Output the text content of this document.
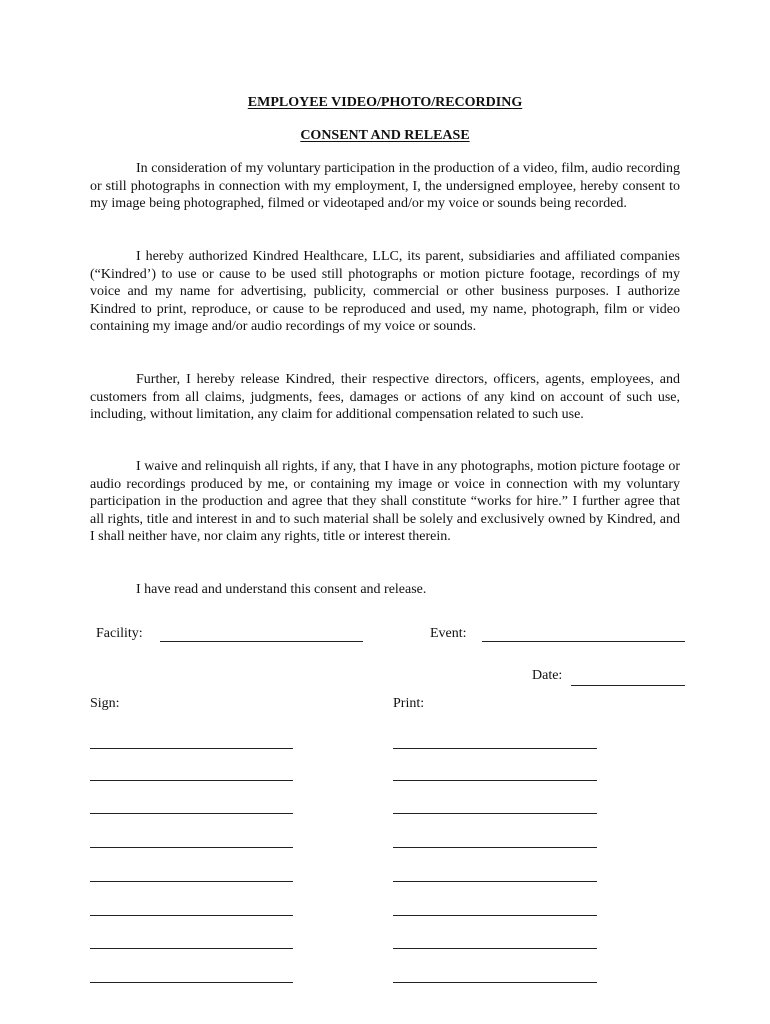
EMPLOYEE VIDEO/PHOTO/RECORDING
CONSENT AND RELEASE

In consideration of my voluntary participation in the production of a video, film, audio recording or still photographs in connection with my employment, I, the undersigned employee, hereby consent to my image being photographed, filmed or videotaped and/or my voice or sounds being recorded.

I hereby authorized Kindred Healthcare, LLC, its parent, subsidiaries and affiliated companies (“Kindred’) to use or cause to be used still photographs or motion picture footage, recordings of my voice and my name for advertising, publicity, commercial or other business purposes. I authorize Kindred to print, reproduce, or cause to be reproduced and used, my name, photograph, film or video containing my image and/or audio recordings of my voice or sounds.

Further, I hereby release Kindred, their respective directors, officers, agents, employees, and customers from all claims, judgments, fees, damages or actions of any kind on account of such use, including, without limitation, any claim for additional compensation related to such use.

I waive and relinquish all rights, if any, that I have in any photographs, motion picture footage or audio recordings produced by me, or containing my image or voice in connection with my voluntary participation in the production and agree that they shall constitute “works for hire.” I further agree that all rights, title and interest in and to such material shall be solely and exclusively owned by Kindred, and I shall neither have, nor claim any rights, title or interest therein.

I have read and understand this consent and release.

Facility:	Event:
Date:
Sign:	Print:
